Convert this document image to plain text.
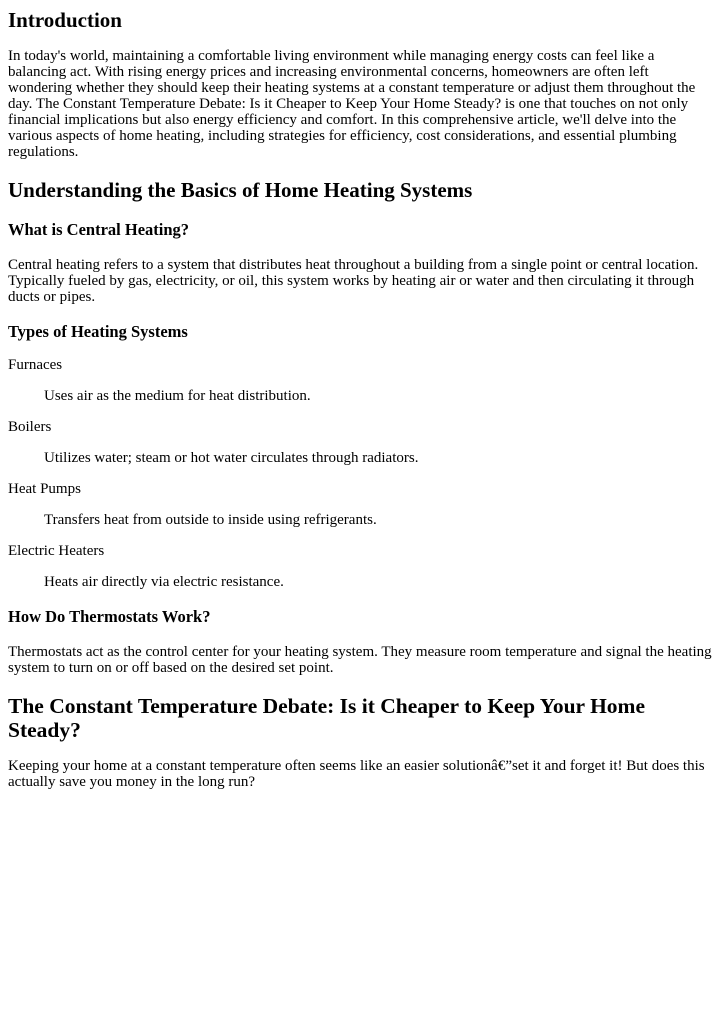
Introduction

In today's world, maintaining a comfortable living environment while managing energy costs can feel like a balancing act. With rising energy prices and increasing environmental concerns, homeowners are often left wondering whether they should keep their heating systems at a constant temperature or adjust them throughout the day. The Constant Temperature Debate: Is it Cheaper to Keep Your Home Steady? is one that touches on not only financial implications but also energy efficiency and comfort. In this comprehensive article, we'll delve into the various aspects of home heating, including strategies for efficiency, cost considerations, and essential plumbing regulations.

Understanding the Basics of Home Heating Systems
What is Central Heating?

Central heating refers to a system that distributes heat throughout a building from a single point or central location. Typically fueled by gas, electricity, or oil, this system works by heating air or water and then circulating it through ducts or pipes.

Types of Heating Systems
Furnaces
Uses air as the medium for heat distribution.
Boilers
Utilizes water; steam or hot water circulates through radiators.
Heat Pumps
Transfers heat from outside to inside using refrigerants.
Electric Heaters
Heats air directly via electric resistance.
How Do Thermostats Work?

Thermostats act as the control center for your heating system. They measure room temperature and signal the heating system to turn on or off based on the desired set point.

The Constant Temperature Debate: Is it Cheaper to Keep Your Home Steady?

Keeping your home at a constant temperature often seems like an easier solutionâ€”set it and forget it! But does this actually save you money in the long run?
